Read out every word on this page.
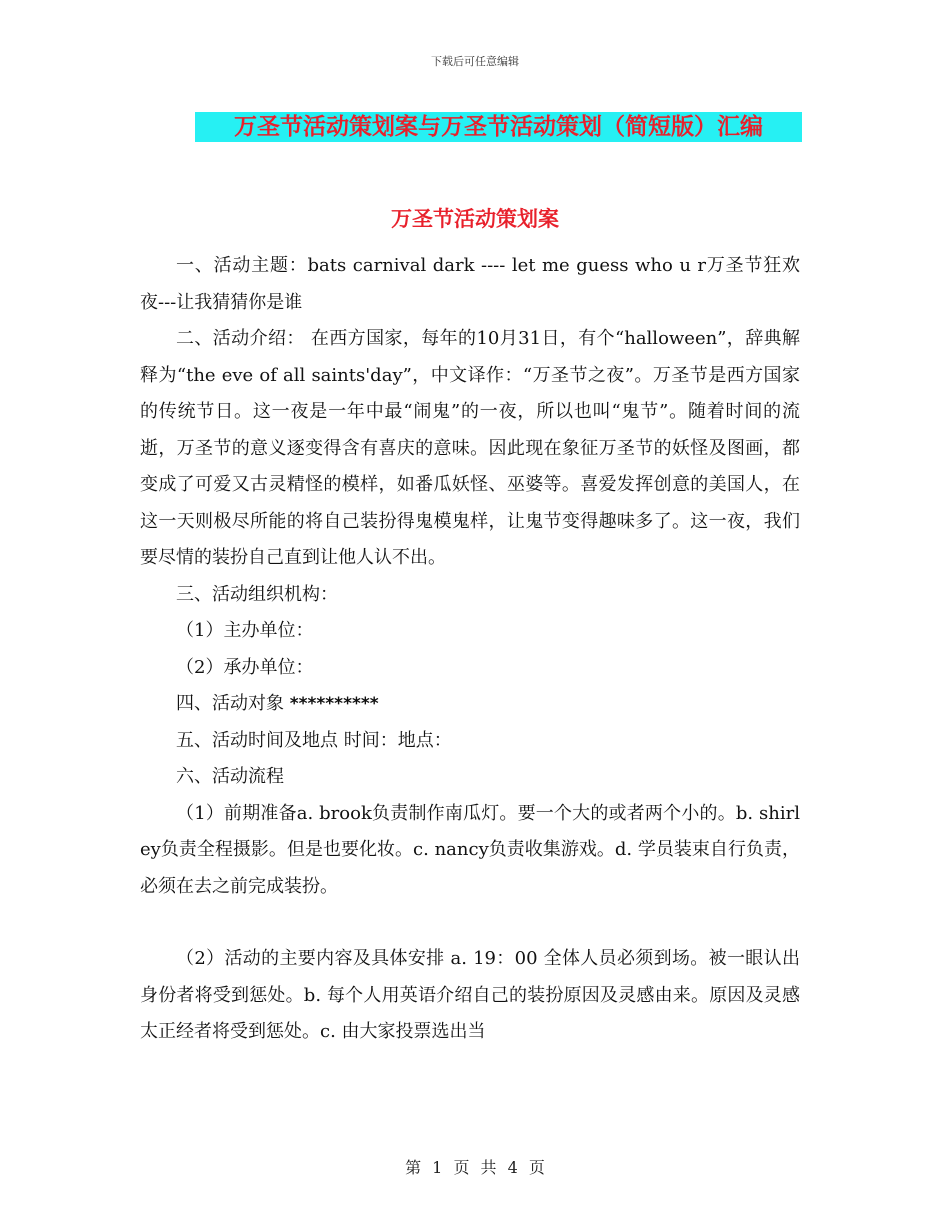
下载后可任意编辑
万圣节活动策划案与万圣节活动策划（简短版）汇编
万圣节活动策划案

一、活动主题：bats carnival dark ---- let me guess who u r万圣节狂欢夜---让我猜猜你是谁

二、活动介绍： 在西方国家，每年的10月31日，有个“halloween”，辞典解释为“the eve of all saints'day”，中文译作：“万圣节之夜”。万圣节是西方国家的传统节日。这一夜是一年中最“闹鬼”的一夜，所以也叫“鬼节”。随着时间的流逝，万圣节的意义逐变得含有喜庆的意味。因此现在象征万圣节的妖怪及图画，都变成了可爱又古灵精怪的模样，如番瓜妖怪、巫婆等。喜爱发挥创意的美国人，在这一天则极尽所能的将自己装扮得鬼模鬼样，让鬼节变得趣味多了。这一夜，我们要尽情的装扮自己直到让他人认不出。

三、活动组织机构：

（1）主办单位：

（2）承办单位：

四、活动对象 **********

五、活动时间及地点 时间：地点：

六、活动流程

（1）前期准备a. brook负责制作南瓜灯。要一个大的或者两个小的。b. shirley负责全程摄影。但是也要化妆。c. nancy负责收集游戏。d. 学员装束自行负责，必须在去之前完成装扮。

（2）活动的主要内容及具体安排 a. 19：00 全体人员必须到场。被一眼认出身份者将受到惩处。b. 每个人用英语介绍自己的装扮原因及灵感由来。原因及灵感太正经者将受到惩处。c. 由大家投票选出当

第 1 页 共 4 页
